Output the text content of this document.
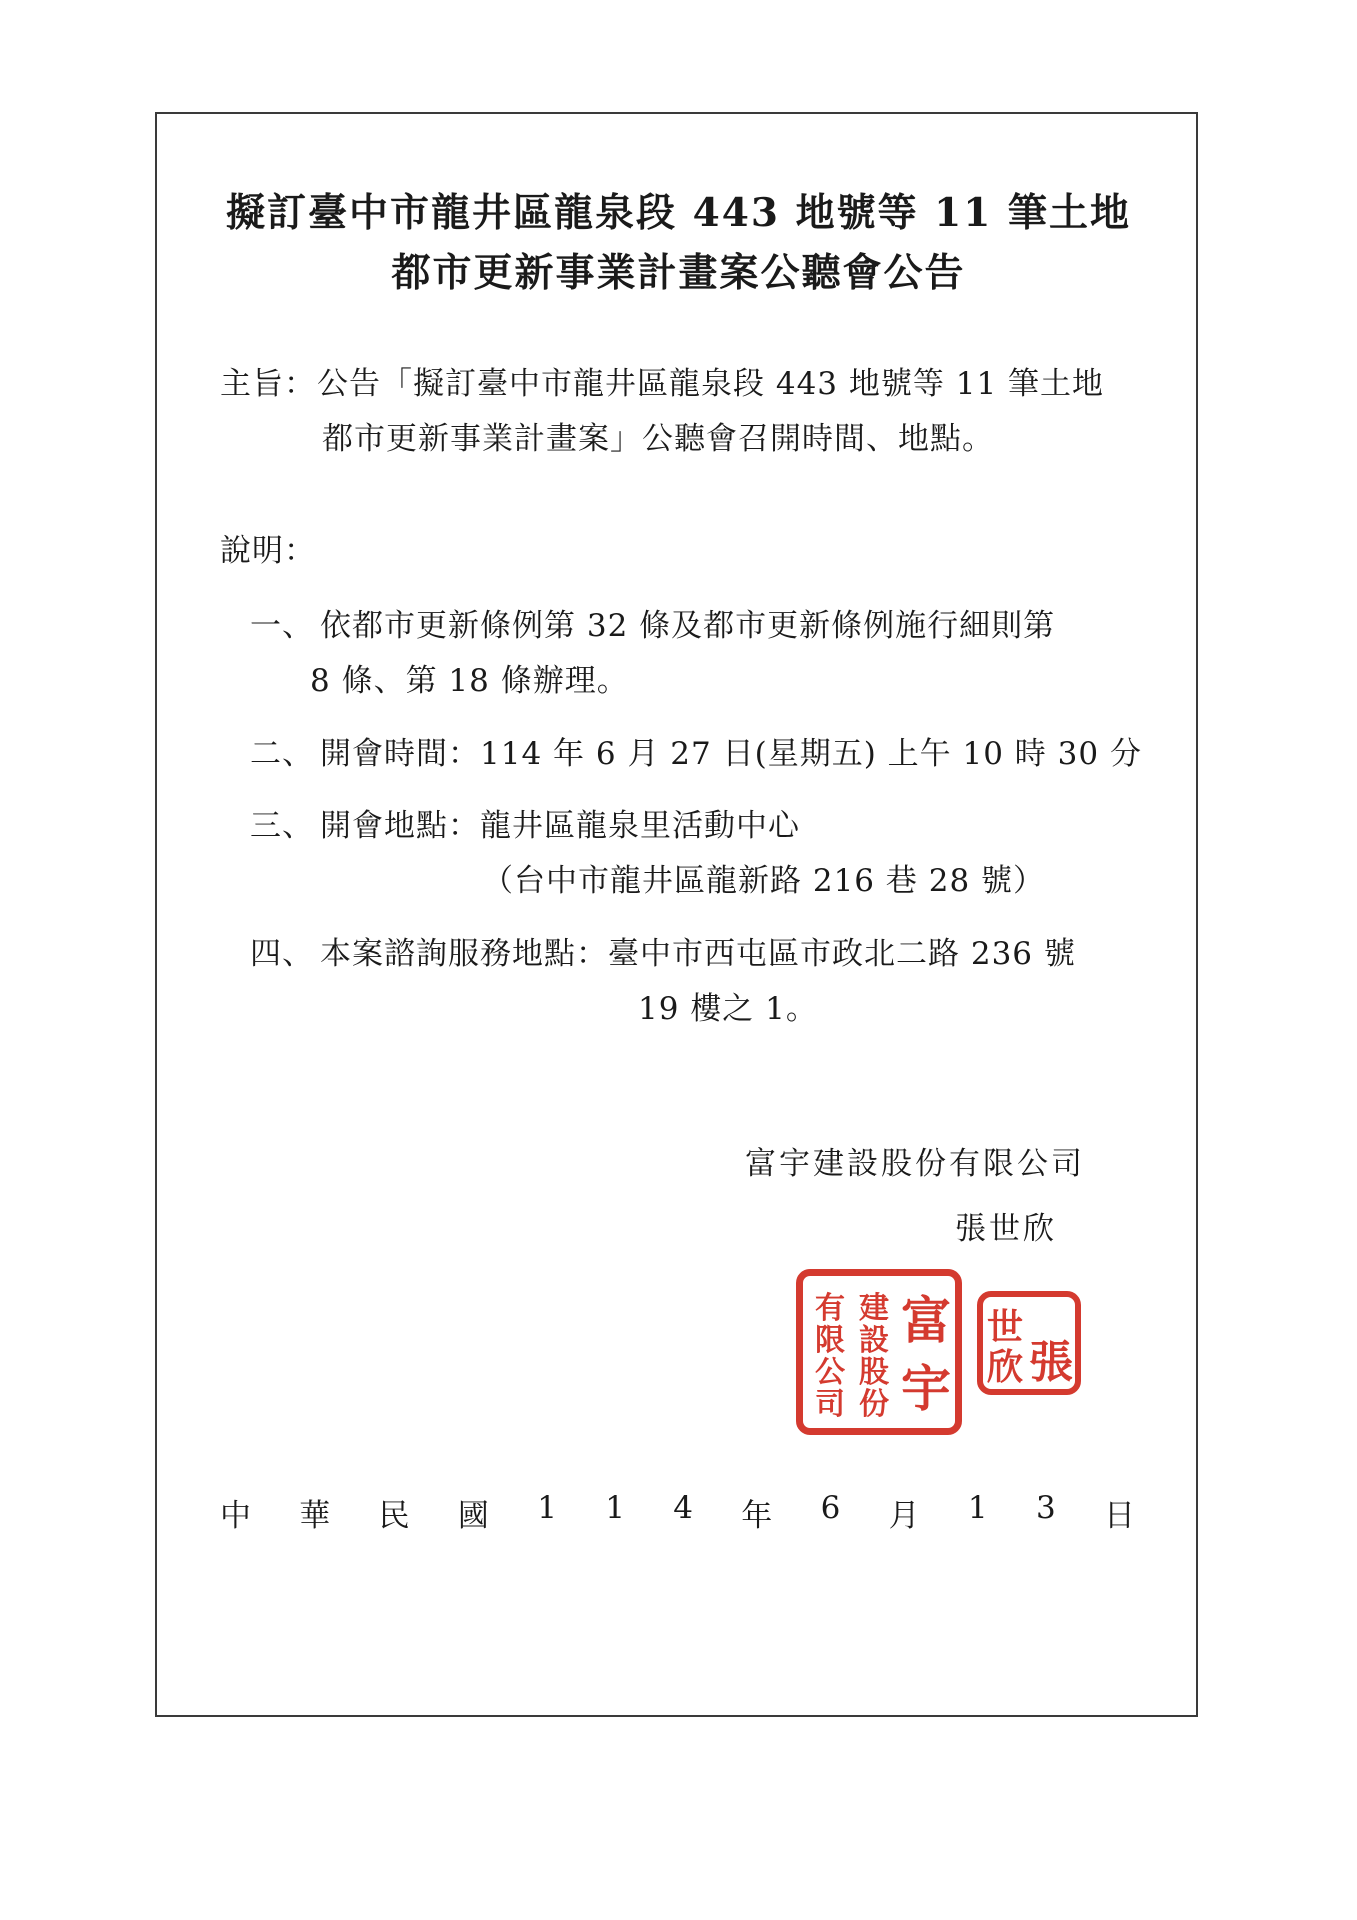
擬訂臺中市龍井區龍泉段 443 地號等 11 筆土地
都市更新事業計畫案公聽會公告
主旨： 公告「擬訂臺中市龍井區龍泉段 443 地號等 11 筆土地
都市更新事業計畫案」公聽會召開時間、地點。
說明：
一、 依都市更新條例第 32 條及都市更新條例施行細則第
8 條、第 18 條辦理。
二、 開會時間：114 年 6 月 27 日(星期五) 上午 10 時 30 分
三、 開會地點：龍井區龍泉里活動中心
（台中市龍井區龍新路 216 巷 28 號）
四、 本案諮詢服務地點：臺中市西屯區市政北二路 236 號
19 樓之 1。
富宇建設股份有限公司
張世欣
富
宇
建
設
股
份
有
限
公
司
張
世
欣
中 華 民 國 1 1 4 年 6 月 1 3 日
